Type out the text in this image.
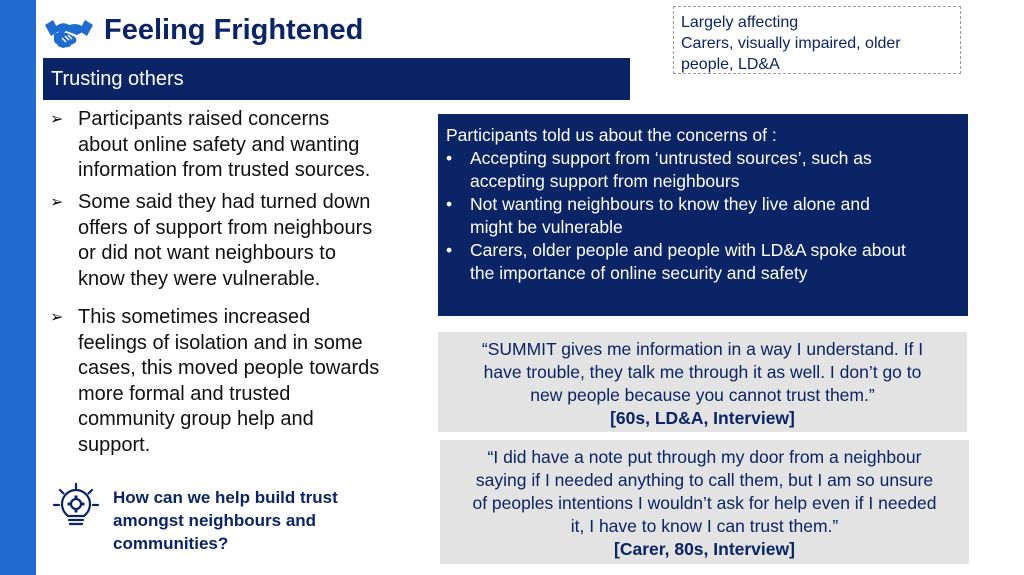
Feeling Frightened	Largely affecting
Carers, visually impaired, older
people, LD&A
Trusting others
➢ Participants raised concerns
about online safety and wanting
information from trusted sources.
➢ Some said they had turned down
offers of support from neighbours
or did not want neighbours to
know they were vulnerable.
➢ This sometimes increased
feelings of isolation and in some
cases, this moved people towards
more formal and trusted
community group help and
support.
How can we help build trust
amongst neighbours and
communities?
Participants told us about the concerns of :
• Accepting support from ‘untrusted sources’, such as
accepting support from neighbours
• Not wanting neighbours to know they live alone and
might be vulnerable
• Carers, older people and people with LD&A spoke about
the importance of online security and safety
“SUMMIT gives me information in a way I understand. If I
have trouble, they talk me through it as well. I don’t go to
new people because you cannot trust them.”
[60s, LD&A, Interview]
“I did have a note put through my door from a neighbour
saying if I needed anything to call them, but I am so unsure
of peoples intentions I wouldn’t ask for help even if I needed
it, I have to know I can trust them.”
[Carer, 80s, Interview]
